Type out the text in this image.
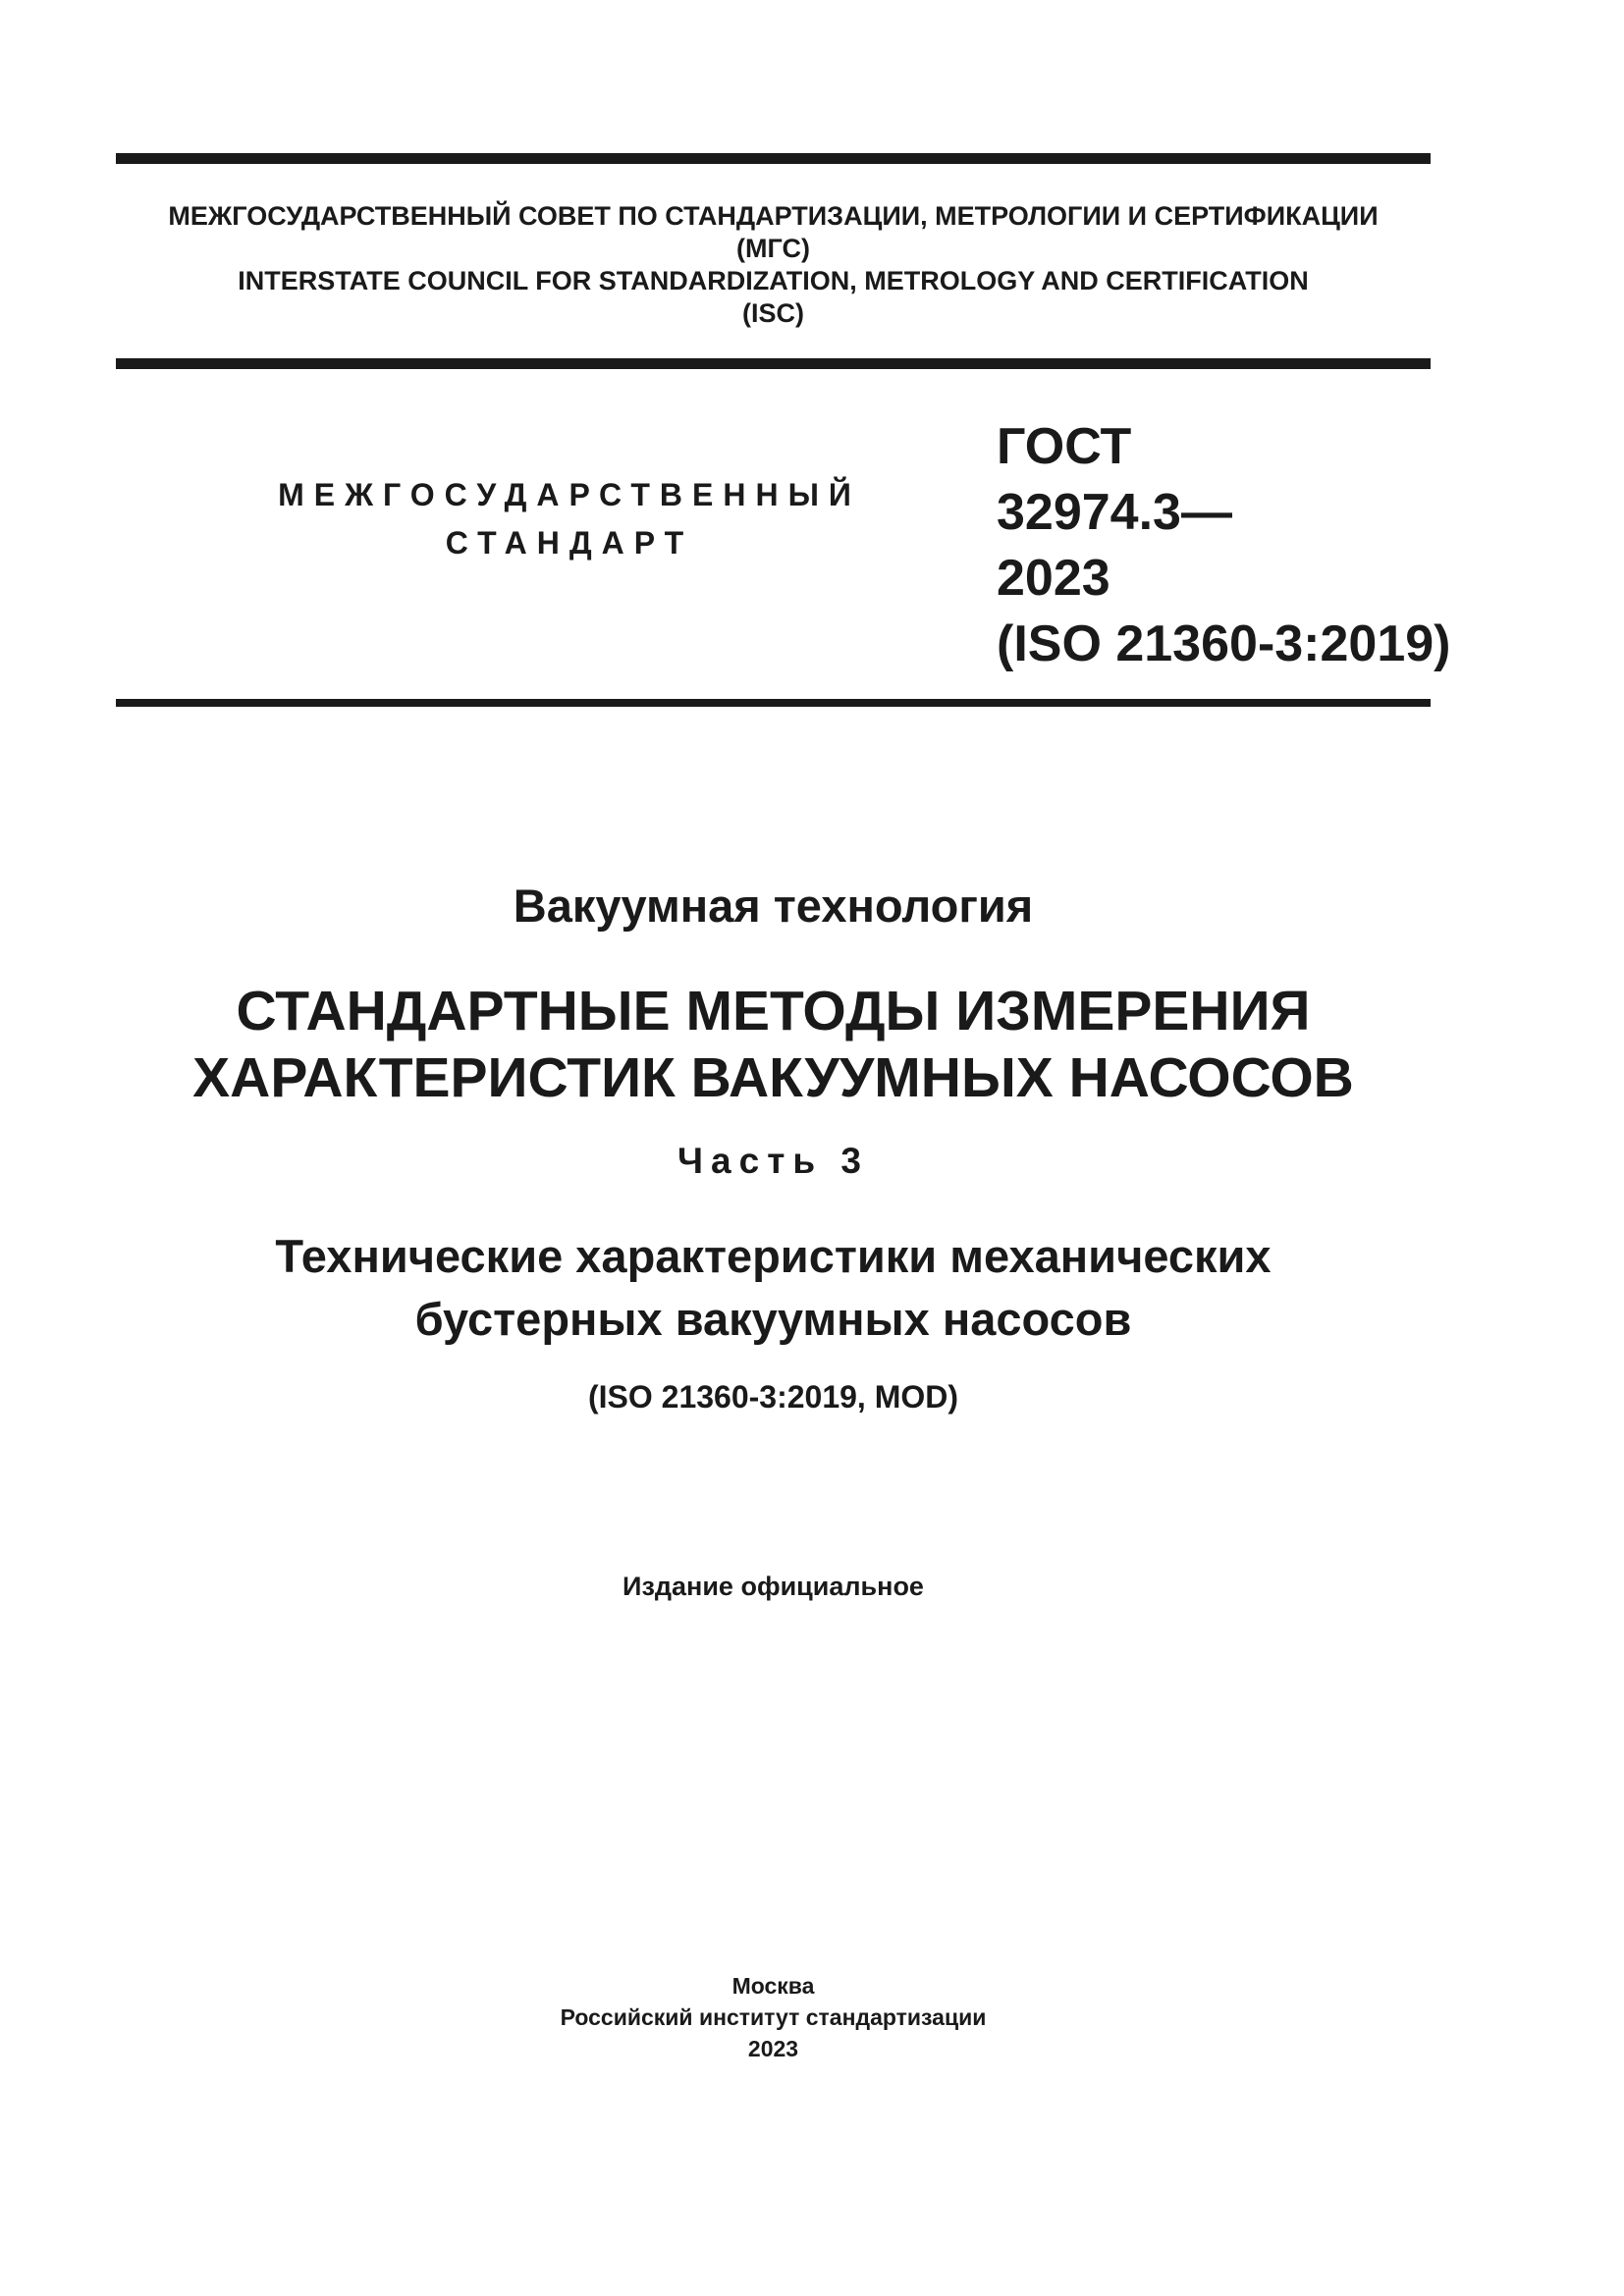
МЕЖГОСУДАРСТВЕННЫЙ СОВЕТ ПО СТАНДАРТИЗАЦИИ, МЕТРОЛОГИИ И СЕРТИФИКАЦИИ
(МГС)
INTERSTATE COUNCIL FOR STANDARDIZATION, METROLOGY AND CERTIFICATION
(ISC)
МЕЖГОСУДАРСТВЕННЫЙ
СТАНДАРТ
ГОСТ
32974.3—
2023
(ISO 21360-3:2019)
Вакуумная технология
СТАНДАРТНЫЕ МЕТОДЫ ИЗМЕРЕНИЯ
ХАРАКТЕРИСТИК ВАКУУМНЫХ НАСОСОВ
Часть 3
Технические характеристики механических
бустерных вакуумных насосов
(ISO 21360-3:2019, MOD)
Издание официальное
Москва
Российский институт стандартизации
2023
